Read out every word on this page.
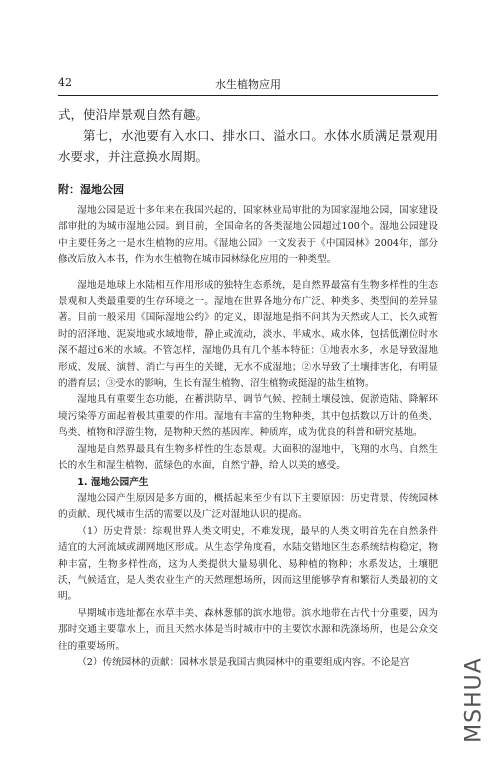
42	水生植物应用

式，使沿岸景观自然有趣。

第七，水池要有入水口、排水口、溢水口。水体水质满足景观用水要求，并注意换水周期。

附：湿地公园

湿地公园是近十多年来在我国兴起的，国家林业局审批的为国家湿地公园，国家建设部审批的为城市湿地公园。到目前，全国命名的各类湿地公园超过100个。湿地公园建设中主要任务之一是水生植物的应用。《湿地公园》一文发表于《中国园林》2004年，部分修改后放入本书，作为水生植物在城市园林绿化应用的一种类型。

湿地是地球上水陆相互作用形成的独特生态系统，是自然界最富有生物多样性的生态景观和人类最重要的生存环境之一。湿地在世界各地分布广泛、种类多、类型间的差异显著。目前一般采用《国际湿地公约》的定义，即湿地是指不问其为天然或人工、长久或暂时的沼泽地、泥炭地或水域地带，静止或流动，淡水、半咸水、咸水体，包括低潮位时水深不超过6米的水域。不管怎样，湿地仍具有几个基本特征：①地表水多，水是导致湿地形成、发展、演替、消亡与再生的关键，无水不成湿地；②水导致了土壤排害化，有明显的潜育层；③受水的影响，生长有湿生植物、沼生植物或挺湿的盐生植物。

湿地具有重要生态功能，在蓄洪防旱、调节气候、控制土壤侵蚀、促淤造陆、降解环境污染等方面起着极其重要的作用。湿地有丰富的生物种类，其中包括数以万计的鱼类、鸟类、植物和浮游生物，是物种天然的基因库、种质库，成为优良的科普和研究基地。

湿地是自然界最具有生物多样性的生态景观。大面积的湿地中，飞翔的水鸟、自然生长的水生和湿生植物、蓝绿色的水面，自然宁静，给人以美的感受。

1. 湿地公园产生

湿地公园产生原因是多方面的，概括起来至少有以下主要原因：历史背景、传统园林的贡献、现代城市生活的需要以及广泛对湿地认识的提高。

（1）历史背景：综观世界人类文明史，不难发现，最早的人类文明首先在自然条件适宜的大河流域或湖网地区形成。从生态学角度看，水陆交错地区生态系统结构稳定，物种丰富，生物多样性高，这为人类提供大量易驯化、易种植的物种；水系发达，土壤肥沃，气候适宜，是人类农业生产的天然理想场所，因而这里能够孕育和繁衍人类最初的文明。

早期城市选址都在水草丰美、森林葱郁的滨水地带。滨水地带在古代十分重要，因为那时交通主要靠水上，而且天然水体是当时城市中的主要饮水源和洗涤场所，也是公众交往的重要场所。

（2）传统园林的贡献：园林水景是我国古典园林中的重要组成内容。不论是宫	MSHUA
